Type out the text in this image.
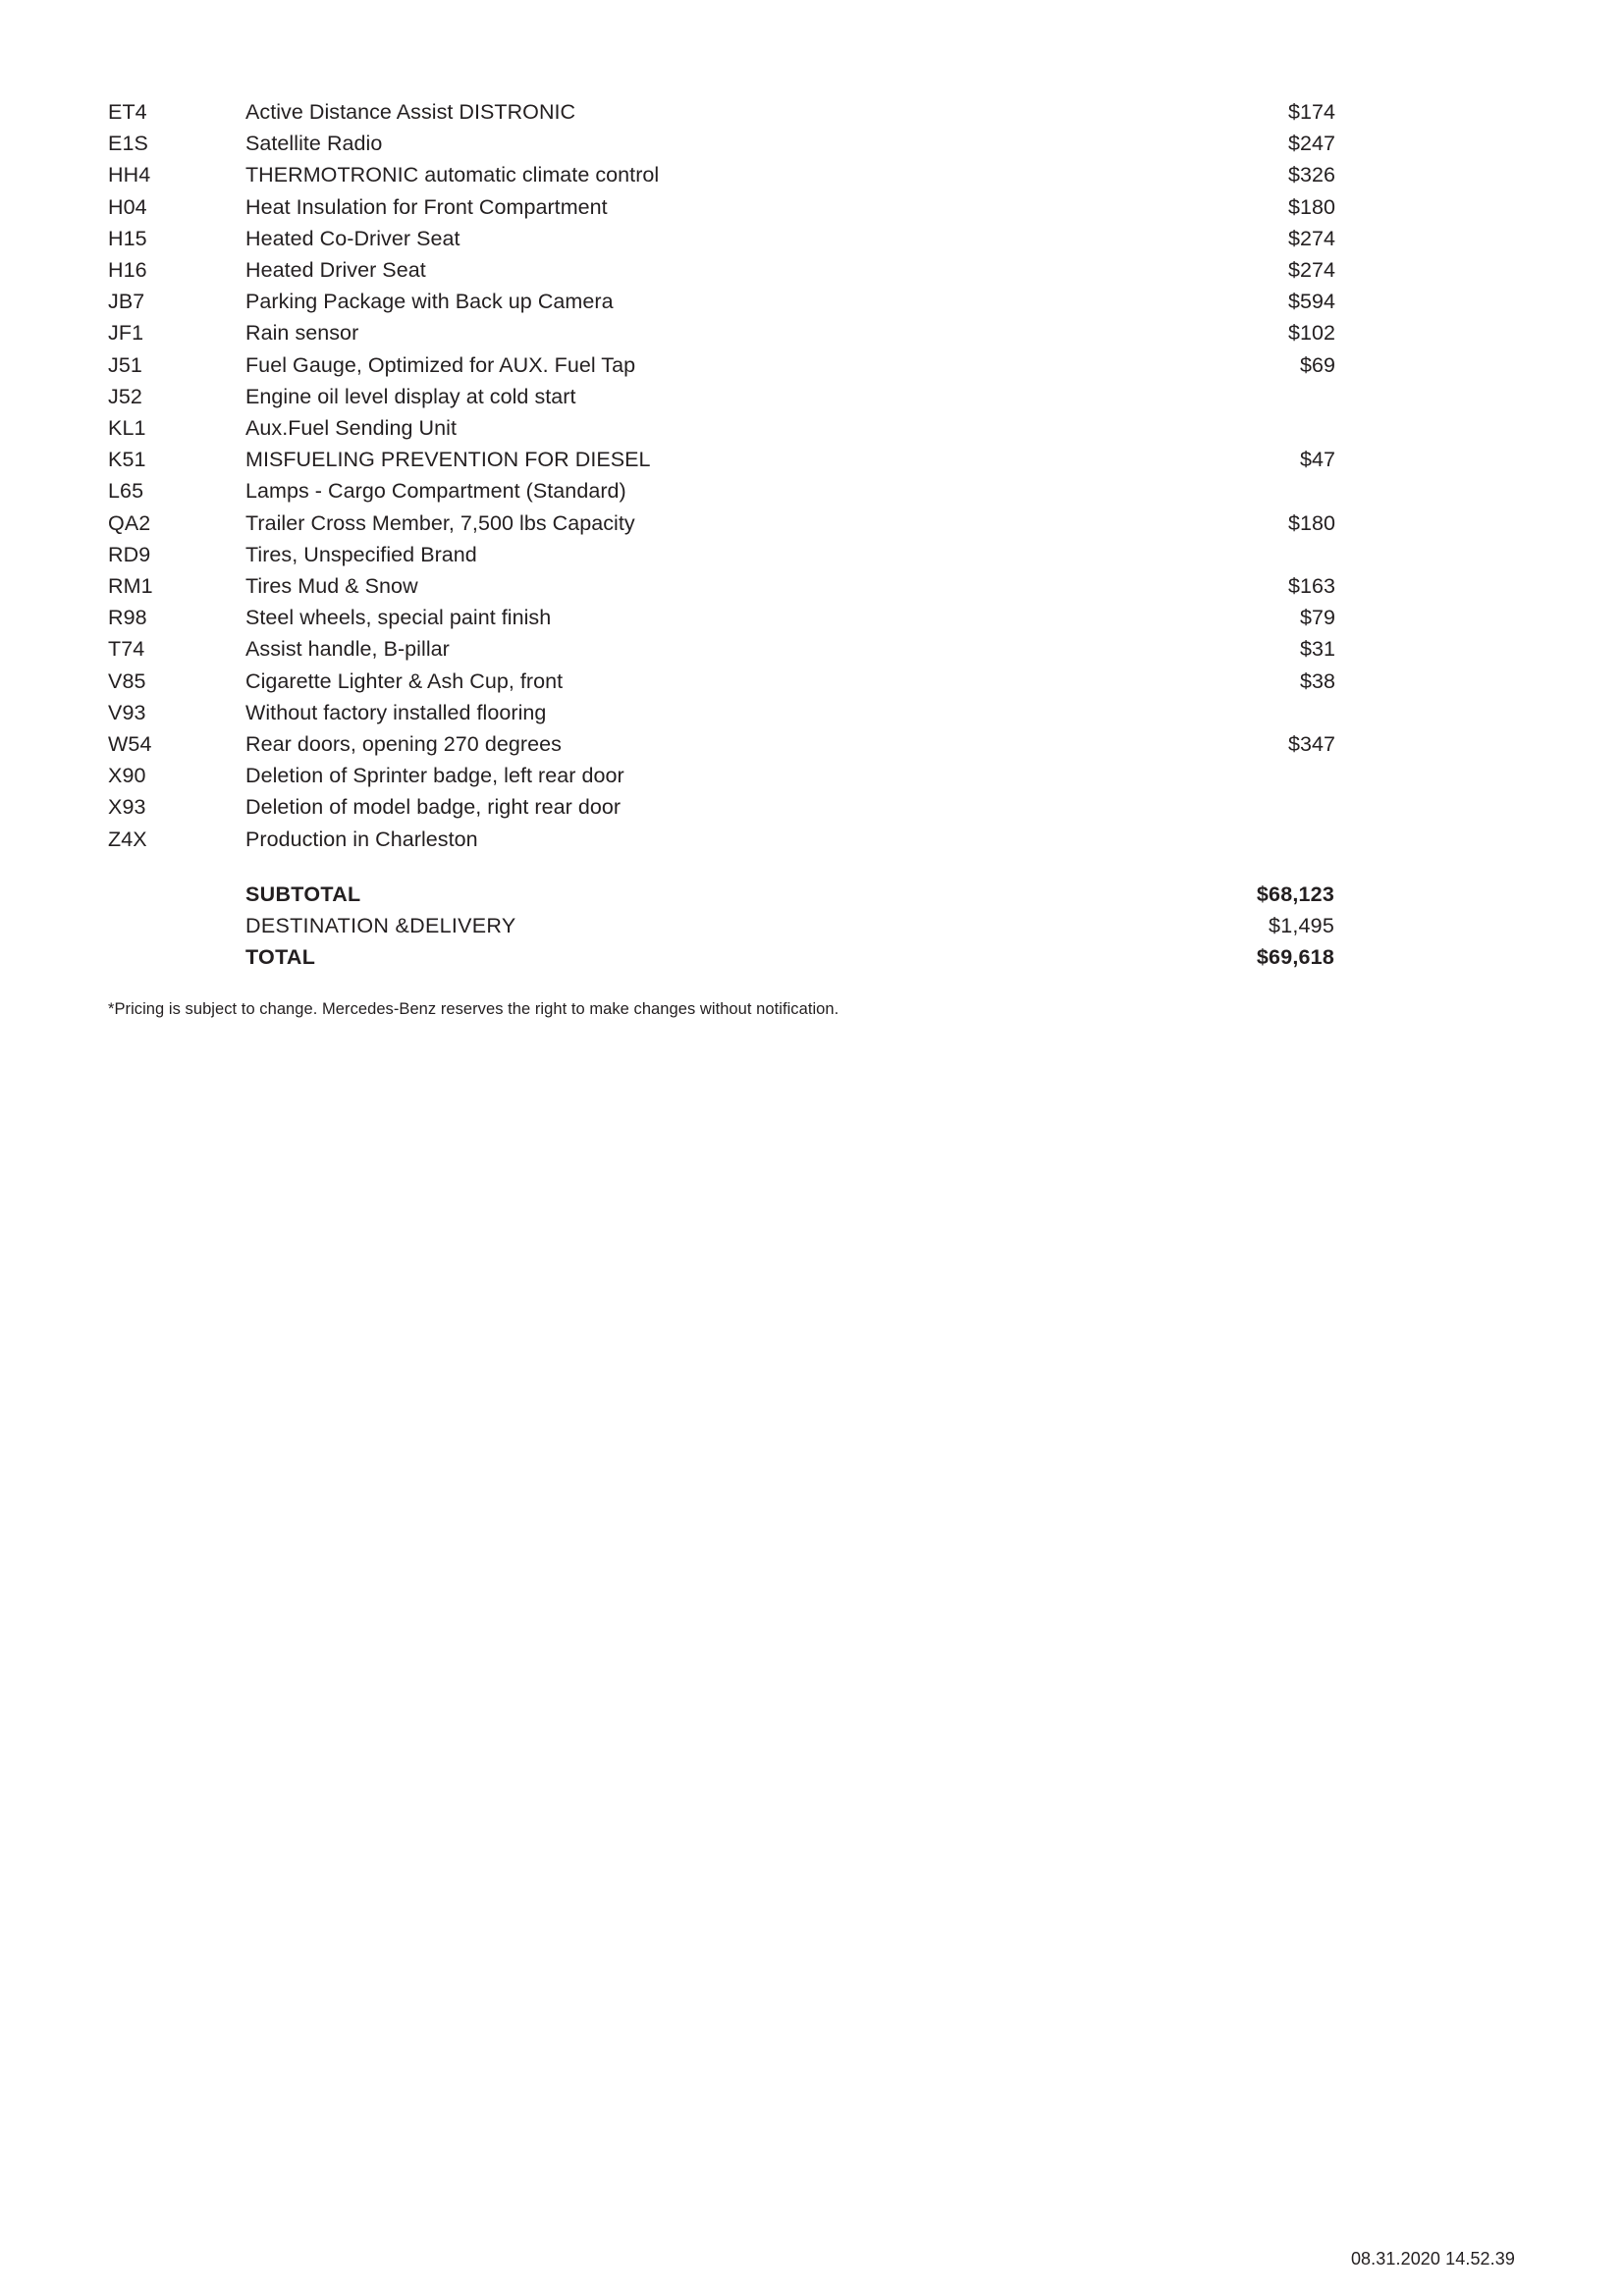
ET4	Active Distance Assist DISTRONIC	$174
E1S	Satellite Radio	$247
HH4	THERMOTRONIC automatic climate control	$326
H04	Heat Insulation for Front Compartment	$180
H15	Heated Co-Driver Seat	$274
H16	Heated Driver Seat	$274
JB7	Parking Package with Back up Camera	$594
JF1	Rain sensor	$102
J51	Fuel Gauge, Optimized for AUX. Fuel Tap	$69
J52	Engine oil level display at cold start	
KL1	Aux.Fuel Sending Unit	
K51	MISFUELING PREVENTION FOR DIESEL	$47
L65	Lamps - Cargo Compartment (Standard)	
QA2	Trailer Cross Member, 7,500 lbs Capacity	$180
RD9	Tires, Unspecified Brand	
RM1	Tires Mud & Snow	$163
R98	Steel wheels, special paint finish	$79
T74	Assist handle, B-pillar	$31
V85	Cigarette Lighter & Ash Cup, front	$38
V93	Without factory installed flooring	
W54	Rear doors, opening 270 degrees	$347
X90	Deletion of Sprinter badge, left rear door	
X93	Deletion of model badge, right rear door	
Z4X	Production in Charleston	
SUBTOTAL	$68,123
DESTINATION &DELIVERY	$1,495
TOTAL	$69,618
*Pricing is subject to change. Mercedes-Benz reserves the right to make changes without notification.
08.31.2020 14.52.39
